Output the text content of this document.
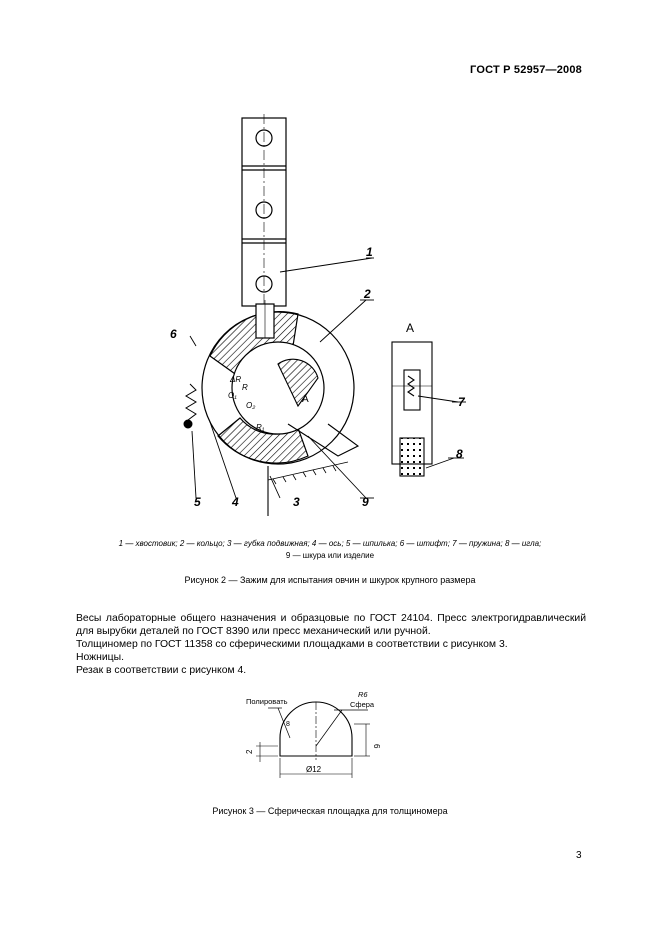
ГОСТ Р 52957—2008
1
2
3
4
5
6
7
8
9
А
А
ΔR
O₁
O₂
R
R₁
1 — хвостовик; 2 — кольцо; 3 — губка подвижная; 4 — ось; 5 — шпилька; 6 — штифт; 7 — пружина; 8 — игла;
9 — шкура или изделие
Рисунок 2 — Зажим для испытания овчин и шкурок крупного размера
Весы лабораторные общего назначения и образцовые по ГОСТ 24104. Пресс электрогидравлический для вырубки деталей по ГОСТ 8390 или пресс механический или ручной.
Толщиномер по ГОСТ 11358 со сферическими площадками в соответствии с рисунком 3.
Ножницы.
Резак в соответствии с рисунком 4.
Полировать
R6
Сфера
8
6
2
Ø12
Рисунок 3 — Сферическая площадка для толщиномера
3
